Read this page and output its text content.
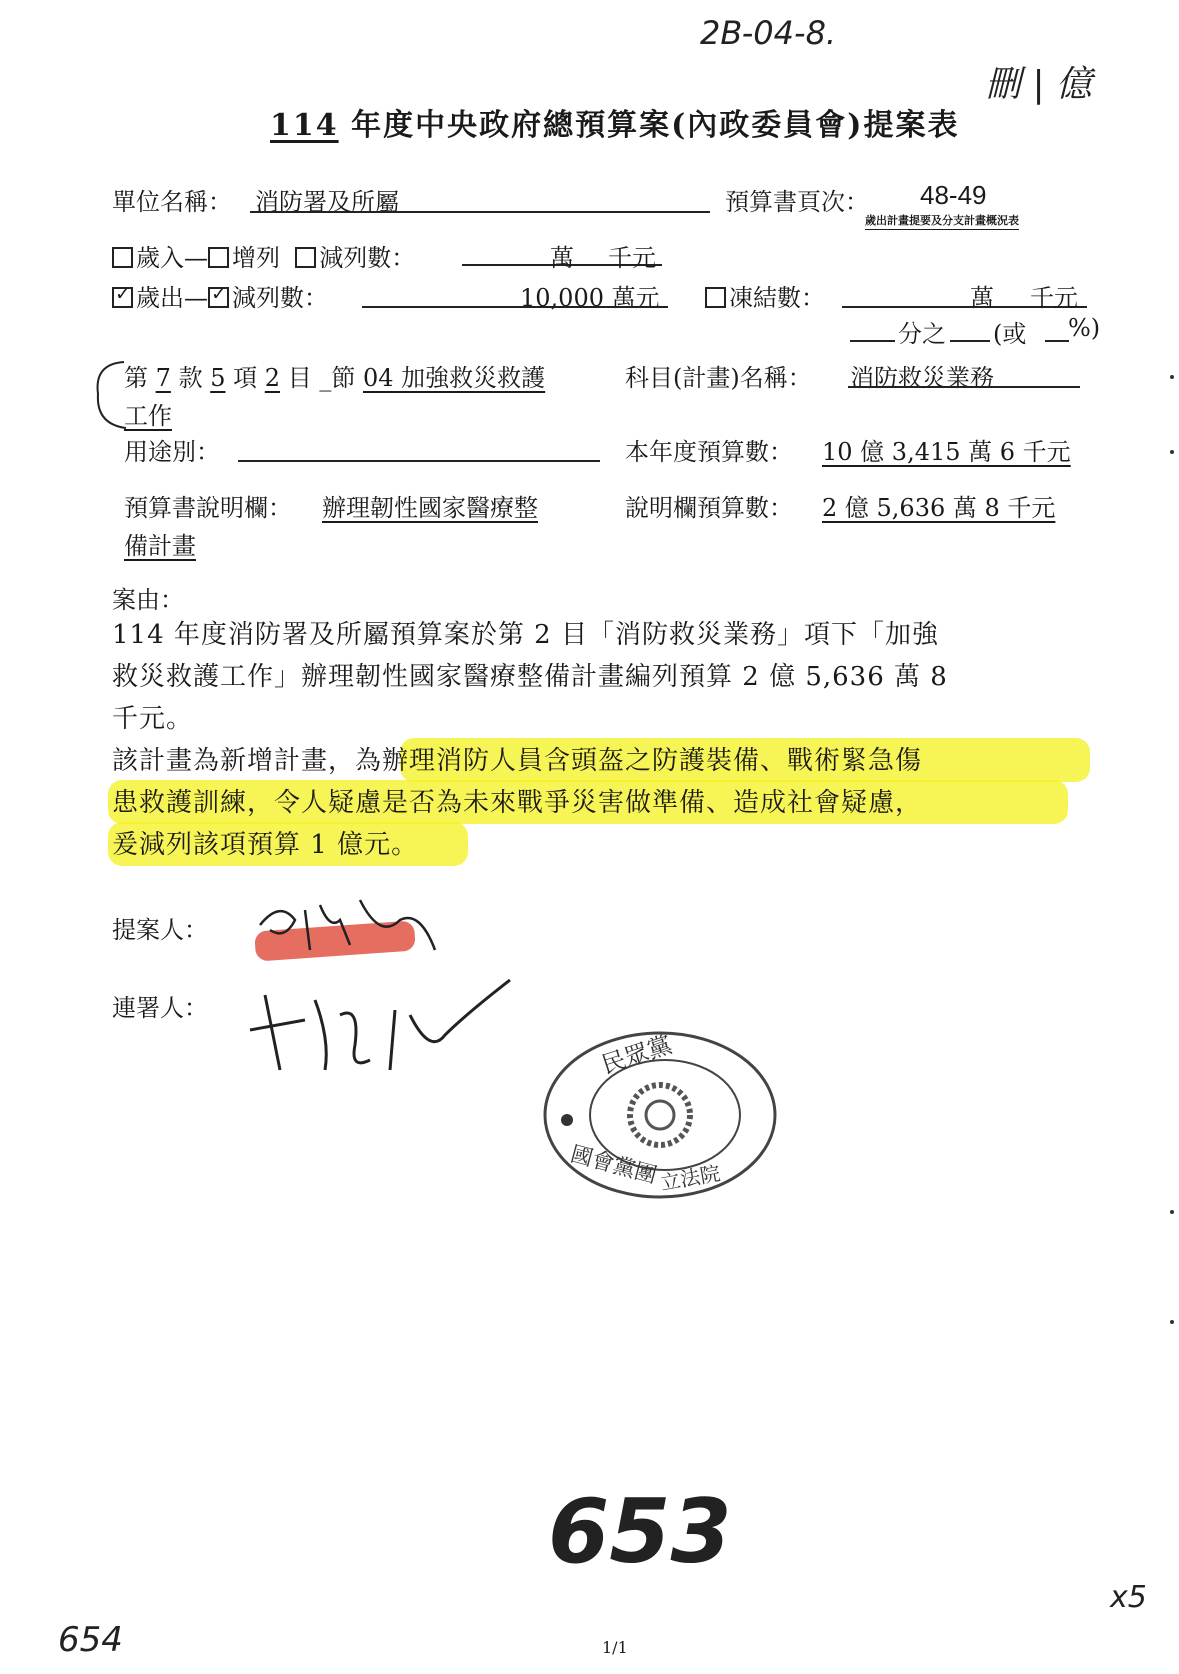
2B-04-8.
刪 | 億
114 年度中央政府總預算案(內政委員會)提案表
單位名稱： 消防署及所屬	預算書頁次： 48-49
歲出計畫提要及分支計畫概況表
歲入— 增列 減列數：	萬 千元
✓歲出—✓ 減列數：	10,000 萬元	凍結數：	萬 千元
分之 (或 %)
第 7 款 5 項 2 目 _節 04 加強救災救護
工作
科目(計畫)名稱： 消防救災業務
用途別：	本年度預算數： 10 億 3,415 萬 6 千元
預算書說明欄： 辦理韌性國家醫療整
備計畫
說明欄預算數： 2 億 5,636 萬 8 千元
案由：
114 年度消防署及所屬預算案於第 2 目「消防救災業務」項下「加強
救災救護工作」辦理韌性國家醫療整備計畫編列預算 2 億 5,636 萬 8
千元。
該計畫為新增計畫，為辦理消防人員含頭盔之防護裝備、戰術緊急傷
患救護訓練，令人疑慮是否為未來戰爭災害做準備、造成社會疑慮，
爰減列該項預算 1 億元。
提案人：
連署人：
民眾黨
國會黨團 立法院
653
654
x5
1/1
